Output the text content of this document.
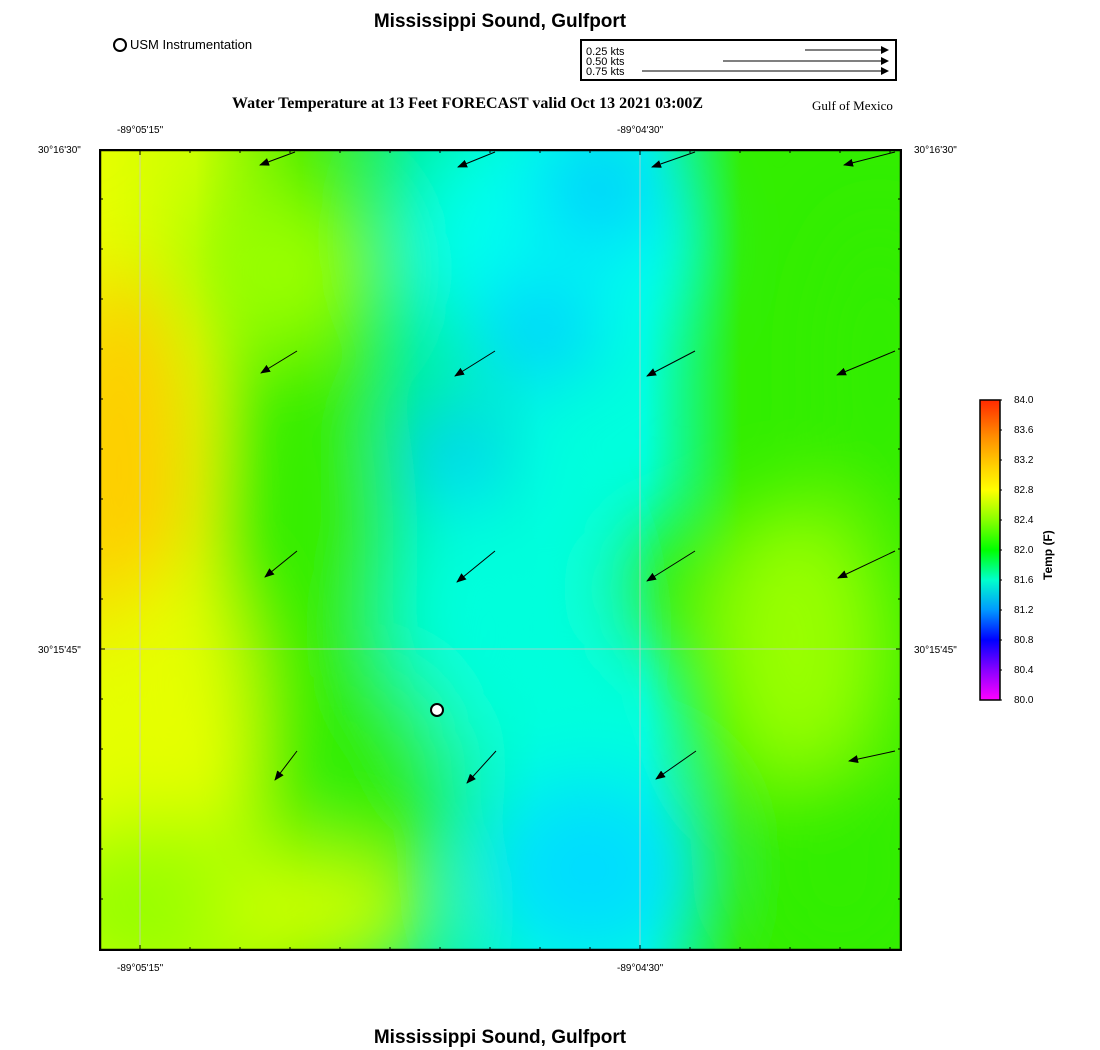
Mississippi Sound, Gulfport
USM Instrumentation	0.25 kts
0.50 kts
0.75 kts
Water Temperature at 13 Feet FORECAST valid Oct 13 2021 03:00Z	Gulf of Mexico
-89°05'15"	-89°04'30"
-89°05'15"	-89°04'30"
30°16'30"
30°15'45"
30°16'30"
30°15'45"
84.0
83.6
83.2
82.8
82.4
82.0
81.6
81.2
80.8
80.4
80.0
Temp (F)
Mississippi Sound, Gulfport
